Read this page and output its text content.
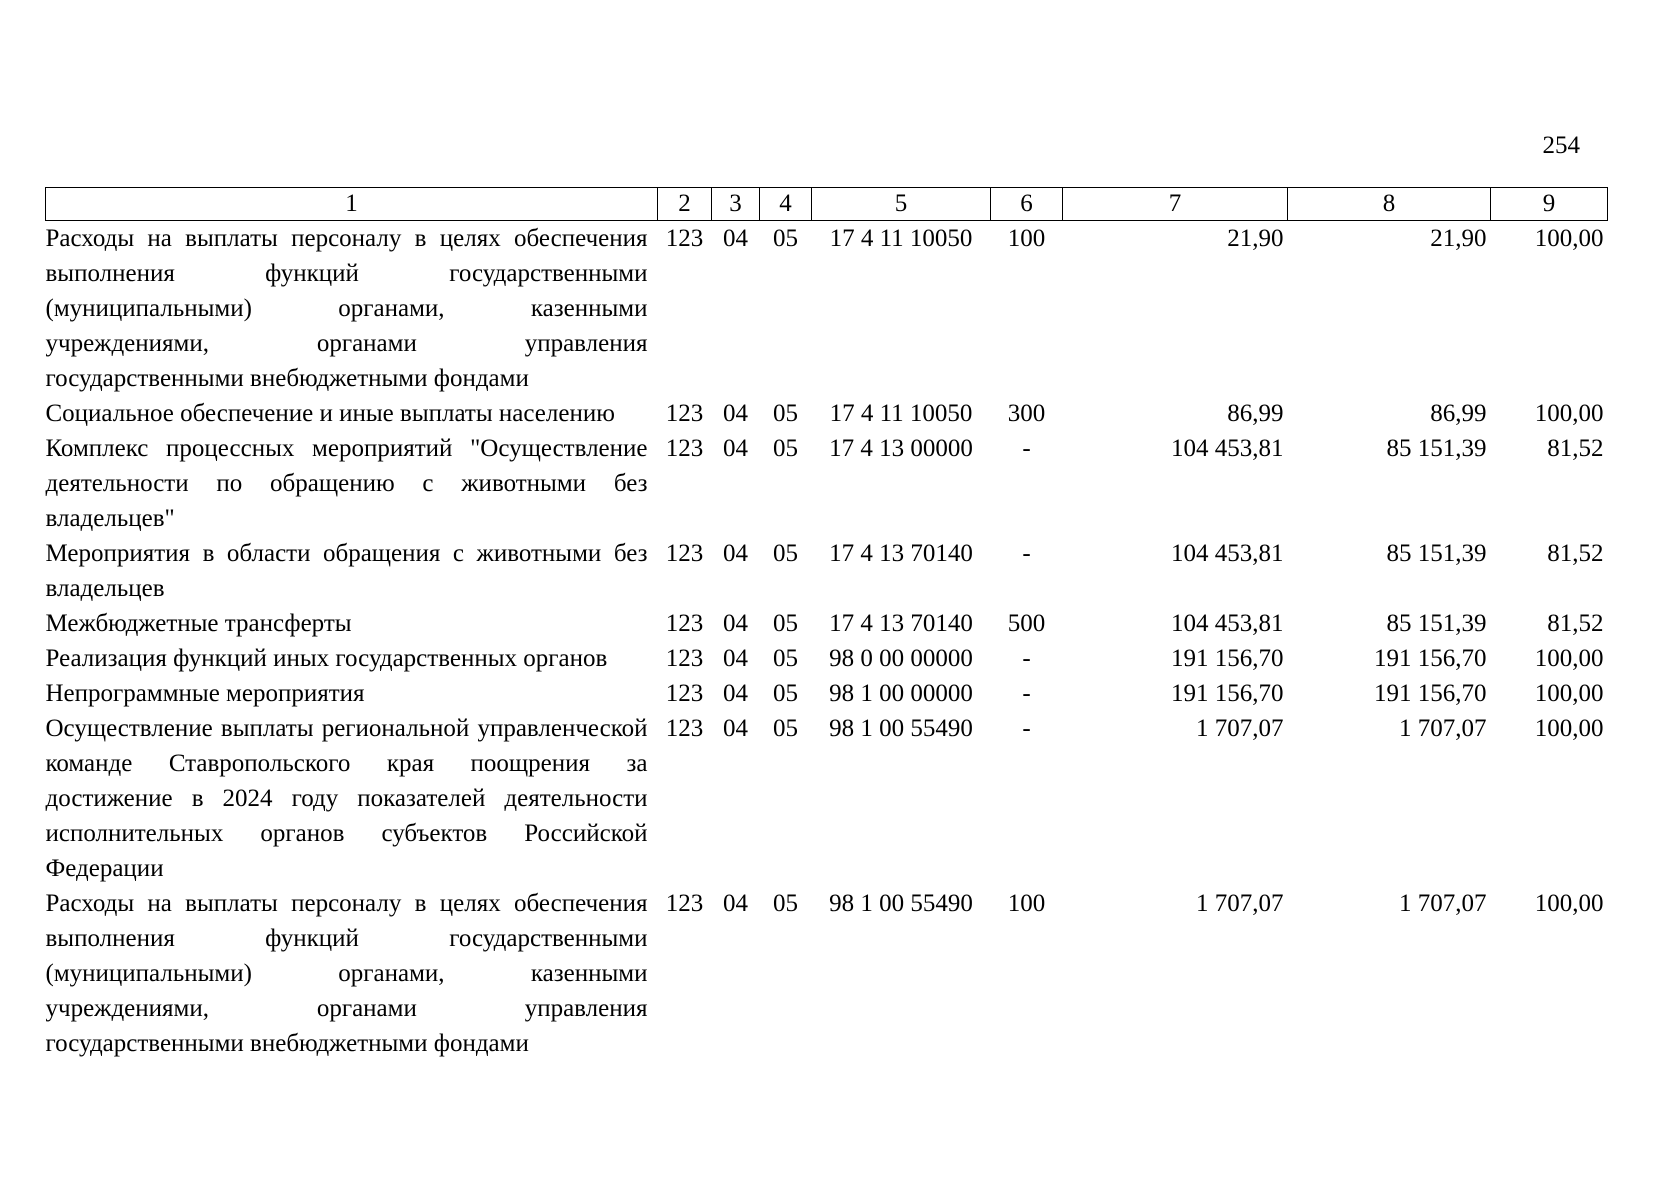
254
1	2	3	4	5	6	7	8	9
Расходы на выплаты персоналу в целях обеспечения выполнения функций государственными (муниципальными) органами, казенными учреждениями, органами управления государственными внебюджетными фондами	123	04	05	17 4 11 10050	100	21,90	21,90	100,00
Социальное обеспечение и иные выплаты населению	123	04	05	17 4 11 10050	300	86,99	86,99	100,00
Комплекс процессных мероприятий "Осуществление деятельности по обращению с животными без владельцев"	123	04	05	17 4 13 00000	-	104 453,81	85 151,39	81,52
Мероприятия в области обращения с животными без владельцев	123	04	05	17 4 13 70140	-	104 453,81	85 151,39	81,52
Межбюджетные трансферты	123	04	05	17 4 13 70140	500	104 453,81	85 151,39	81,52
Реализация функций иных государственных органов	123	04	05	98 0 00 00000	-	191 156,70	191 156,70	100,00
Непрограммные мероприятия	123	04	05	98 1 00 00000	-	191 156,70	191 156,70	100,00
Осуществление выплаты региональной управленческой команде Ставропольского края поощрения за достижение в 2024 году показателей деятельности исполнительных органов субъектов Российской Федерации	123	04	05	98 1 00 55490	-	1 707,07	1 707,07	100,00
Расходы на выплаты персоналу в целях обеспечения выполнения функций государственными (муниципальными) органами, казенными учреждениями, органами управления государственными внебюджетными фондами	123	04	05	98 1 00 55490	100	1 707,07	1 707,07	100,00
